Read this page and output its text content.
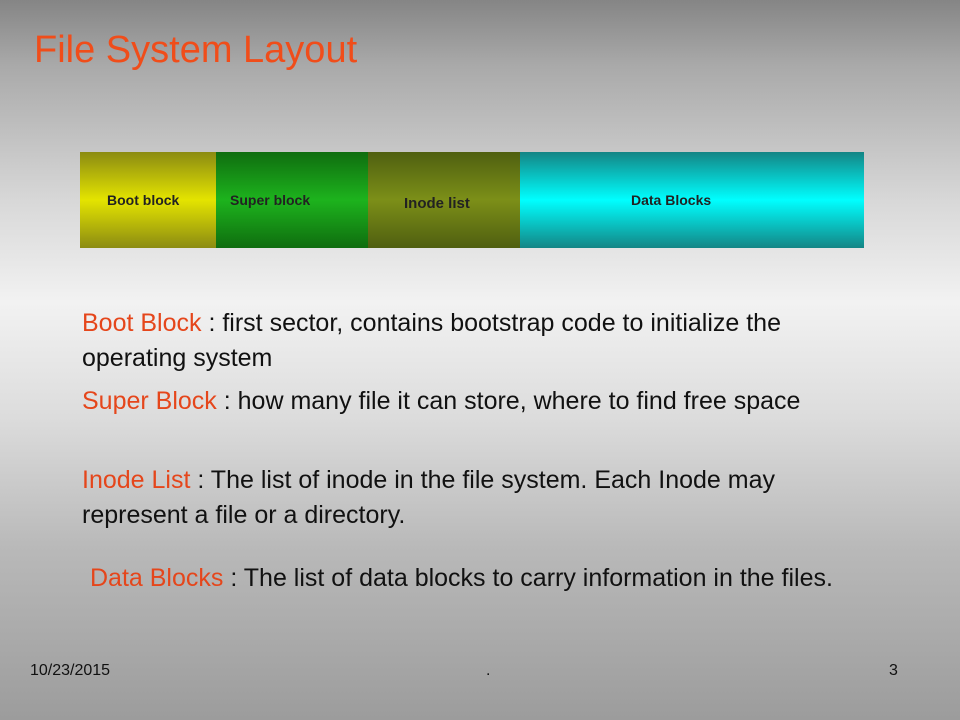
File System Layout
Boot block	Super block	Inode list	Data Blocks
Boot Block : first sector, contains bootstrap code to initialize the operating system
Super Block : how many file it can store, where to find free space
Inode List : The list of inode in the file system. Each Inode may represent a file or a directory.
Data Blocks : The list of data blocks to carry information in the files.
10/23/2015	.	3
